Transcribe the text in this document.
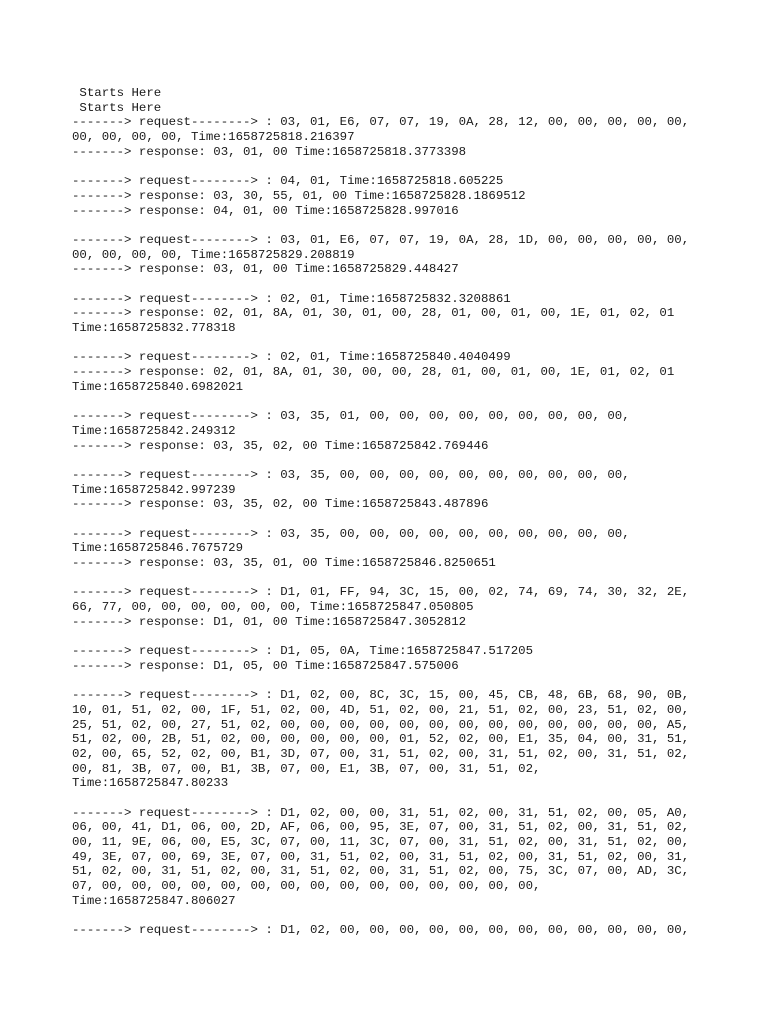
Starts Here
Starts Here
-------> request--------> : 03, 01, E6, 07, 07, 19, 0A, 28, 12, 00, 00, 00, 00, 00,
00, 00, 00, 00, Time:1658725818.216397
-------> response: 03, 01, 00 Time:1658725818.3773398
-------> request--------> : 04, 01, Time:1658725818.605225
-------> response: 03, 30, 55, 01, 00 Time:1658725828.1869512
-------> response: 04, 01, 00 Time:1658725828.997016
-------> request--------> : 03, 01, E6, 07, 07, 19, 0A, 28, 1D, 00, 00, 00, 00, 00,
00, 00, 00, 00, Time:1658725829.208819
-------> response: 03, 01, 00 Time:1658725829.448427
-------> request--------> : 02, 01, Time:1658725832.3208861
-------> response: 02, 01, 8A, 01, 30, 01, 00, 28, 01, 00, 01, 00, 1E, 01, 02, 01
Time:1658725832.778318
-------> request--------> : 02, 01, Time:1658725840.4040499
-------> response: 02, 01, 8A, 01, 30, 00, 00, 28, 01, 00, 01, 00, 1E, 01, 02, 01
Time:1658725840.6982021
-------> request--------> : 03, 35, 01, 00, 00, 00, 00, 00, 00, 00, 00, 00,
Time:1658725842.249312
-------> response: 03, 35, 02, 00 Time:1658725842.769446
-------> request--------> : 03, 35, 00, 00, 00, 00, 00, 00, 00, 00, 00, 00,
Time:1658725842.997239
-------> response: 03, 35, 02, 00 Time:1658725843.487896
-------> request--------> : 03, 35, 00, 00, 00, 00, 00, 00, 00, 00, 00, 00,
Time:1658725846.7675729
-------> response: 03, 35, 01, 00 Time:1658725846.8250651
-------> request--------> : D1, 01, FF, 94, 3C, 15, 00, 02, 74, 69, 74, 30, 32, 2E,
66, 77, 00, 00, 00, 00, 00, 00, Time:1658725847.050805
-------> response: D1, 01, 00 Time:1658725847.3052812
-------> request--------> : D1, 05, 0A, Time:1658725847.517205
-------> response: D1, 05, 00 Time:1658725847.575006
-------> request--------> : D1, 02, 00, 8C, 3C, 15, 00, 45, CB, 48, 6B, 68, 90, 0B,
10, 01, 51, 02, 00, 1F, 51, 02, 00, 4D, 51, 02, 00, 21, 51, 02, 00, 23, 51, 02, 00,
25, 51, 02, 00, 27, 51, 02, 00, 00, 00, 00, 00, 00, 00, 00, 00, 00, 00, 00, 00, A5,
51, 02, 00, 2B, 51, 02, 00, 00, 00, 00, 00, 01, 52, 02, 00, E1, 35, 04, 00, 31, 51,
02, 00, 65, 52, 02, 00, B1, 3D, 07, 00, 31, 51, 02, 00, 31, 51, 02, 00, 31, 51, 02,
00, 81, 3B, 07, 00, B1, 3B, 07, 00, E1, 3B, 07, 00, 31, 51, 02,
Time:1658725847.80233
-------> request--------> : D1, 02, 00, 00, 31, 51, 02, 00, 31, 51, 02, 00, 05, A0,
06, 00, 41, D1, 06, 00, 2D, AF, 06, 00, 95, 3E, 07, 00, 31, 51, 02, 00, 31, 51, 02,
00, 11, 9E, 06, 00, E5, 3C, 07, 00, 11, 3C, 07, 00, 31, 51, 02, 00, 31, 51, 02, 00,
49, 3E, 07, 00, 69, 3E, 07, 00, 31, 51, 02, 00, 31, 51, 02, 00, 31, 51, 02, 00, 31,
51, 02, 00, 31, 51, 02, 00, 31, 51, 02, 00, 31, 51, 02, 00, 75, 3C, 07, 00, AD, 3C,
07, 00, 00, 00, 00, 00, 00, 00, 00, 00, 00, 00, 00, 00, 00, 00,
Time:1658725847.806027
-------> request--------> : D1, 02, 00, 00, 00, 00, 00, 00, 00, 00, 00, 00, 00, 00,
